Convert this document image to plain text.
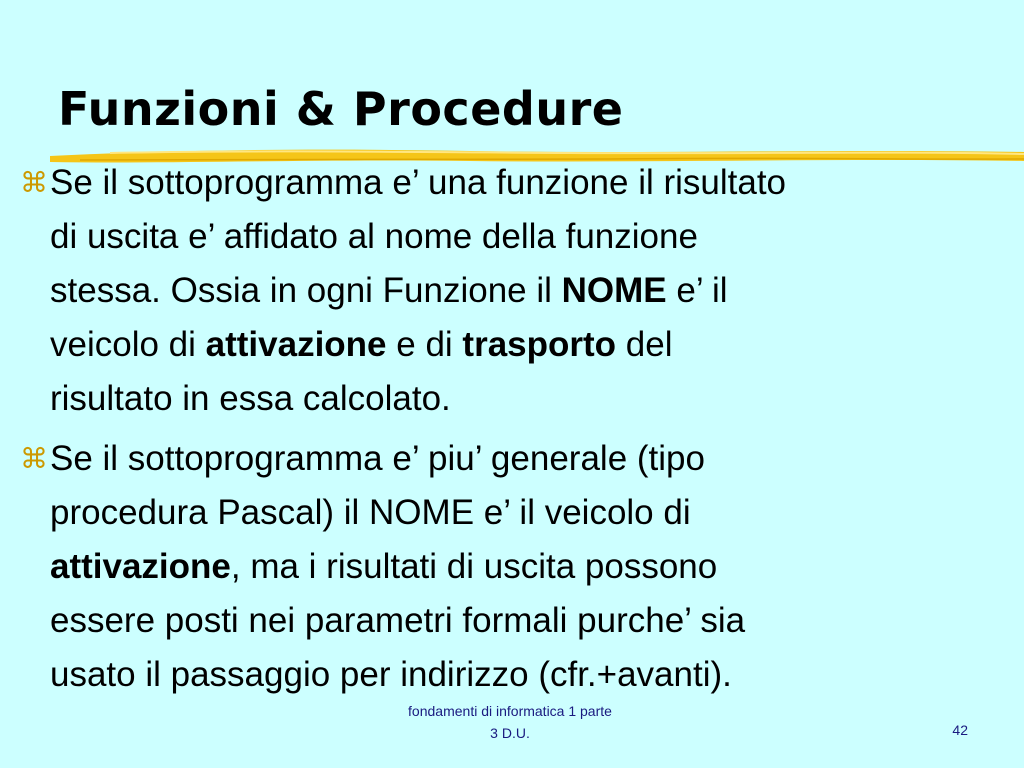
Funzioni & Procedure
⌘ Se il sottoprogramma e’ una funzione il risultato
di uscita e’ affidato al nome della funzione
stessa. Ossia in ogni Funzione il NOME e’ il
veicolo di attivazione e di trasporto del
risultato in essa calcolato.
⌘ Se il sottoprogramma e’ piu’ generale (tipo
procedura Pascal) il NOME e’ il veicolo di
attivazione, ma i risultati di uscita possono
essere posti nei parametri formali purche’ sia
usato il passaggio per indirizzo (cfr.+avanti).
fondamenti di informatica 1 parte
3 D.U.	42
